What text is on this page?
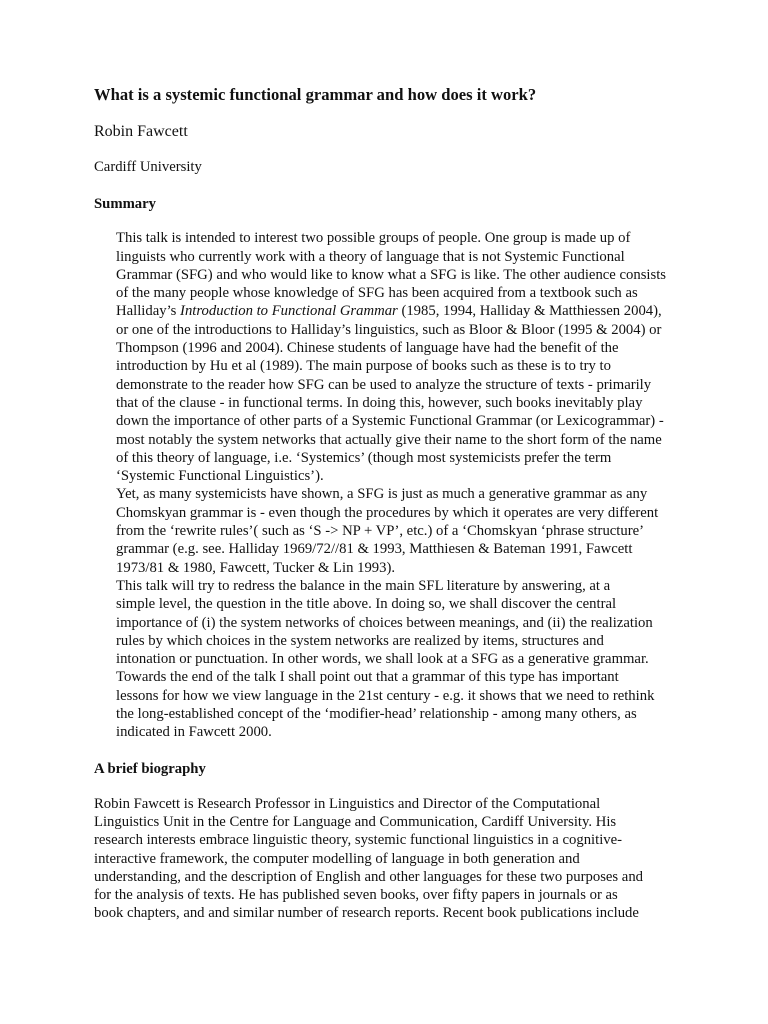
What is a systemic functional grammar and how does it work?
Robin Fawcett
Cardiff University
Summary

This talk is intended to interest two possible groups of people. One group is made up of
linguists who currently work with a theory of language that is not Systemic Functional
Grammar (SFG) and who would like to know what a SFG is like. The other audience consists
of the many people whose knowledge of SFG has been acquired from a textbook such as
Halliday’s Introduction to Functional Grammar (1985, 1994, Halliday & Matthiessen 2004),
or one of the introductions to Halliday’s linguistics, such as Bloor & Bloor (1995 & 2004) or
Thompson (1996 and 2004). Chinese students of language have had the benefit of the
introduction by Hu et al (1989). The main purpose of books such as these is to try to
demonstrate to the reader how SFG can be used to analyze the structure of texts - primarily
that of the clause - in functional terms. In doing this, however, such books inevitably play
down the importance of other parts of a Systemic Functional Grammar (or Lexicogrammar) -
most notably the system networks that actually give their name to the short form of the name
of this theory of language, i.e. ‘Systemics’ (though most systemicists prefer the term
‘Systemic Functional Linguistics’).

Yet, as many systemicists have shown, a SFG is just as much a generative grammar as any
Chomskyan grammar is - even though the procedures by which it operates are very different
from the ‘rewrite rules’( such as ‘S -> NP + VP’, etc.) of a ‘Chomskyan ‘phrase structure’
grammar (e.g. see. Halliday 1969/72//81 & 1993, Matthiesen & Bateman 1991, Fawcett
1973/81 & 1980, Fawcett, Tucker & Lin 1993).

This talk will try to redress the balance in the main SFL literature by answering, at a
simple level, the question in the title above. In doing so, we shall discover the central
importance of (i) the system networks of choices between meanings, and (ii) the realization
rules by which choices in the system networks are realized by items, structures and
intonation or punctuation. In other words, we shall look at a SFG as a generative grammar.

Towards the end of the talk I shall point out that a grammar of this type has important
lessons for how we view language in the 21st century - e.g. it shows that we need to rethink
the long-established concept of the ‘modifier-head’ relationship - among many others, as
indicated in Fawcett 2000.

A brief biography

Robin Fawcett is Research Professor in Linguistics and Director of the Computational
Linguistics Unit in the Centre for Language and Communication, Cardiff University. His
research interests embrace linguistic theory, systemic functional linguistics in a cognitive-
interactive framework, the computer modelling of language in both generation and
understanding, and the description of English and other languages for these two purposes and
for the analysis of texts. He has published seven books, over fifty papers in journals or as
book chapters, and and similar number of research reports. Recent book publications include
